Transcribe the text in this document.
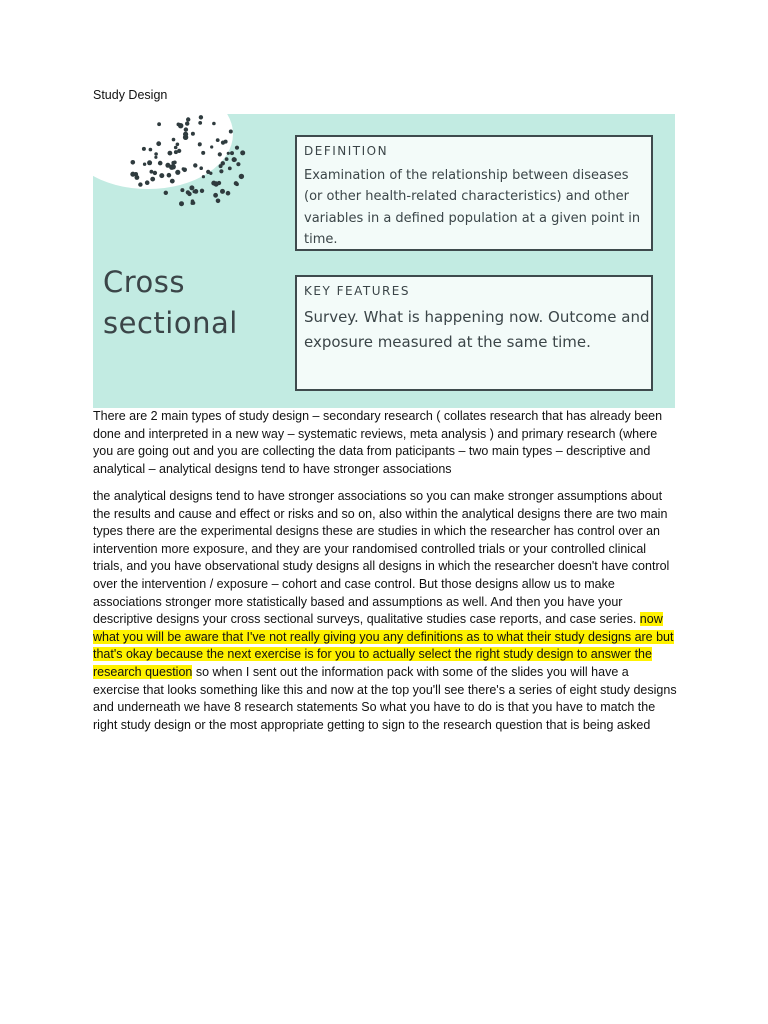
Study Design
Cross
sectional
DEFINITION
Examination of the relationship between diseases (or other health-related characteristics) and other variables in a defined population at a given point in time.
KEY FEATURES
Survey. What is happening now. Outcome and exposure measured at the same time.

There are 2 main types of study design – secondary research ( collates research that has already been done and interpreted in a new way – systematic reviews, meta analysis ) and primary research (where you are going out and you are collecting the data from paticipants – two main types – descriptive and analytical – analytical designs tend to have stronger associations

the analytical designs tend to have stronger associations so you can make stronger assumptions about the results and cause and effect or risks and so on, also within the analytical designs there are two main types there are the experimental designs these are studies in which the researcher has control over an intervention more exposure, and they are your randomised controlled trials or your controlled clinical trials, and you have observational study designs all designs in which the researcher doesn't have control over the intervention / exposure – cohort and case control. But those designs allow us to make associations stronger more statistically based and assumptions as well. And then you have your descriptive designs your cross sectional surveys, qualitative studies case reports, and case series. now what you will be aware that I've not really giving you any definitions as to what their study designs are but that's okay because the next exercise is for you to actually select the right study design to answer the research question so when I sent out the information pack with some of the slides you will have a exercise that looks something like this and now at the top you'll see there's a series of eight study designs and underneath we have 8 research statements So what you have to do is that you have to match the right study design or the most appropriate getting to sign to the research question that is being asked
